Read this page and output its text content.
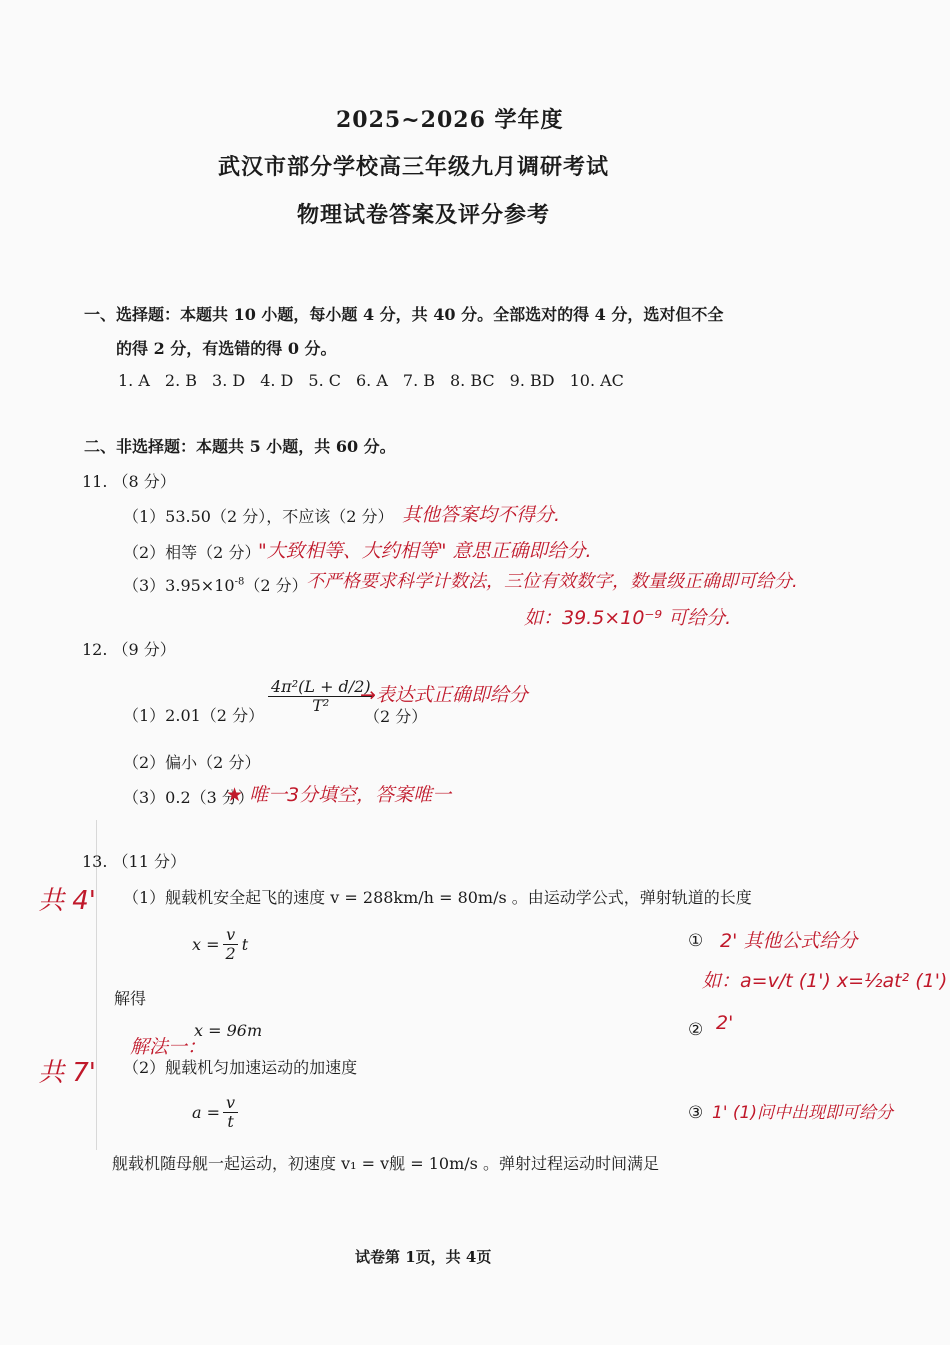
2025~2026 学年度
武汉市部分学校高三年级九月调研考试
物理试卷答案及评分参考
一、选择题：本题共 10 小题，每小题 4 分，共 40 分。全部选对的得 4 分，选对但不全
的得 2 分，有选错的得 0 分。
1. A 2. B 3. D 4. D 5. C 6. A 7. B 8. BC 9. BD 10. AC
二、非选择题：本题共 5 小题，共 60 分。
11. （8 分）
（1）53.50（2 分），不应该（2 分） 其他答案均不得分.
（2）相等（2 分）
"大致相等、大约相等" 意思正确即给分.
$(3)3.95\times 10^{-8}(2$ 分）
不严格要求科学计数法，三位有效数字，数量级正确即可给分.
如：39.5×10⁻⁹ 可给分.
12. （9 分）
（1）2.01（2 分） $\frac{\text{4π²(L + d/2)}}{\text{T²}}$
（2 分）
→表达式正确即给分
（2）偏小（2 分）
（3）0.2（3 分）
★ 唯一3分填空，答案唯一
13. （11 分）
共 4' （1）舰载机安全起飞的速度 v = 288km/h = 80m/s 。由运动学公式，弹射轨道的长度
$x = \frac{v}{2}$ t	① 2' 其他公式给分
如：a=v/t (1') x=½at² (1')
解得
x = 96m	② 2'
解法一：
共 7' （2）舰载机匀加速运动的加速度
$a = \frac{v}{t}$	③ 1' (1)问中出现即可给分
舰载机随母舰一起运动，初速度 v₁ = v舰 = 10m/s 。弹射过程运动时间满足
试卷第 1页，共 4页
